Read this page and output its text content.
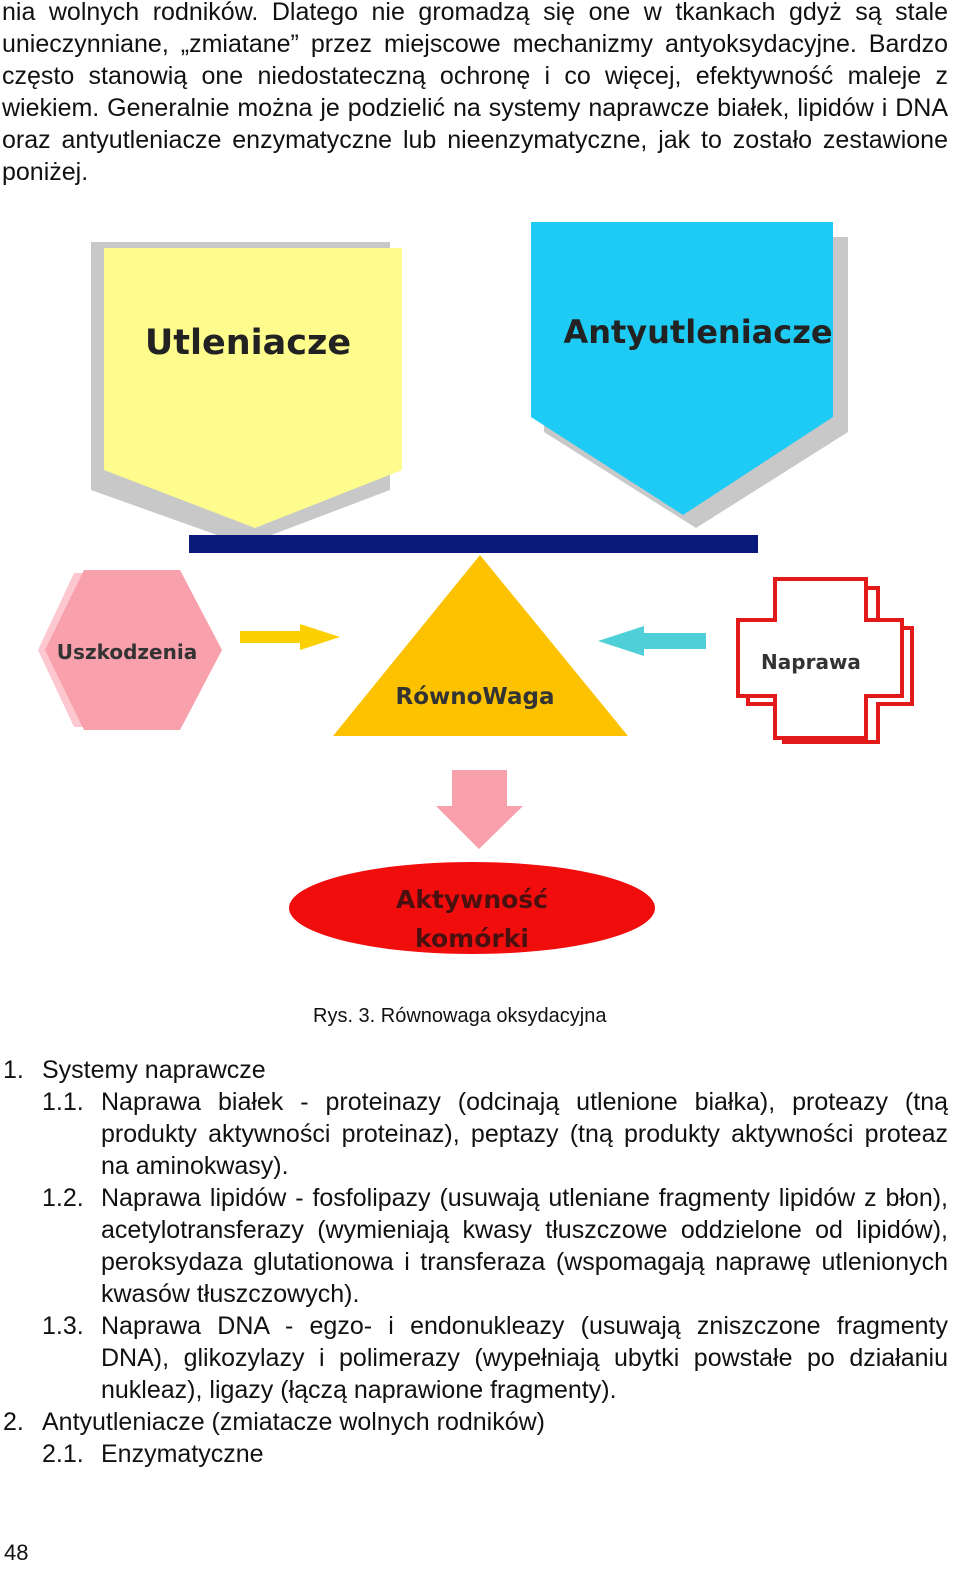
nia wolnych rodników. Dlatego nie gromadzą się one w tkankach gdyż są stale unieczynniane, „zmiatane” przez miejscowe mechanizmy antyoksydacyjne. Bardzo często stanowią one niedostateczną ochronę i co więcej, efektywność maleje z wiekiem. Generalnie można je podzielić na systemy naprawcze białek, lipidów i DNA oraz antyutleniacze enzymatyczne lub nieenzymatyczne, jak to zostało zestawione poniżej.

Utleniacze	Antyutleniacze
Uszkodzenia
RównoWaga
Naprawa
Aktywność
komórki
Rys. 3. Równowaga oksydacyjna
1. Systemy naprawcze
1.1. Naprawa białek - proteinazy (odcinają utlenione białka), proteazy (tną produkty aktywności proteinaz), peptazy (tną produkty aktywności proteaz na aminokwasy).
1.2. Naprawa lipidów - fosfolipazy (usuwają utleniane fragmenty lipidów z błon), acetylotransferazy (wymieniają kwasy tłuszczowe oddzielone od lipidów), peroksydaza glutationowa i transferaza (wspomagają naprawę utlenionych kwasów tłuszczowych).
1.3. Naprawa DNA - egzo- i endonukleazy (usuwają zniszczone fragmenty DNA), glikozylazy i polimerazy (wypełniają ubytki powstałe po działaniu nukleaz), ligazy (łączą naprawione fragmenty).
2. Antyutleniacze (zmiatacze wolnych rodników)
2.1. Enzymatyczne
48
